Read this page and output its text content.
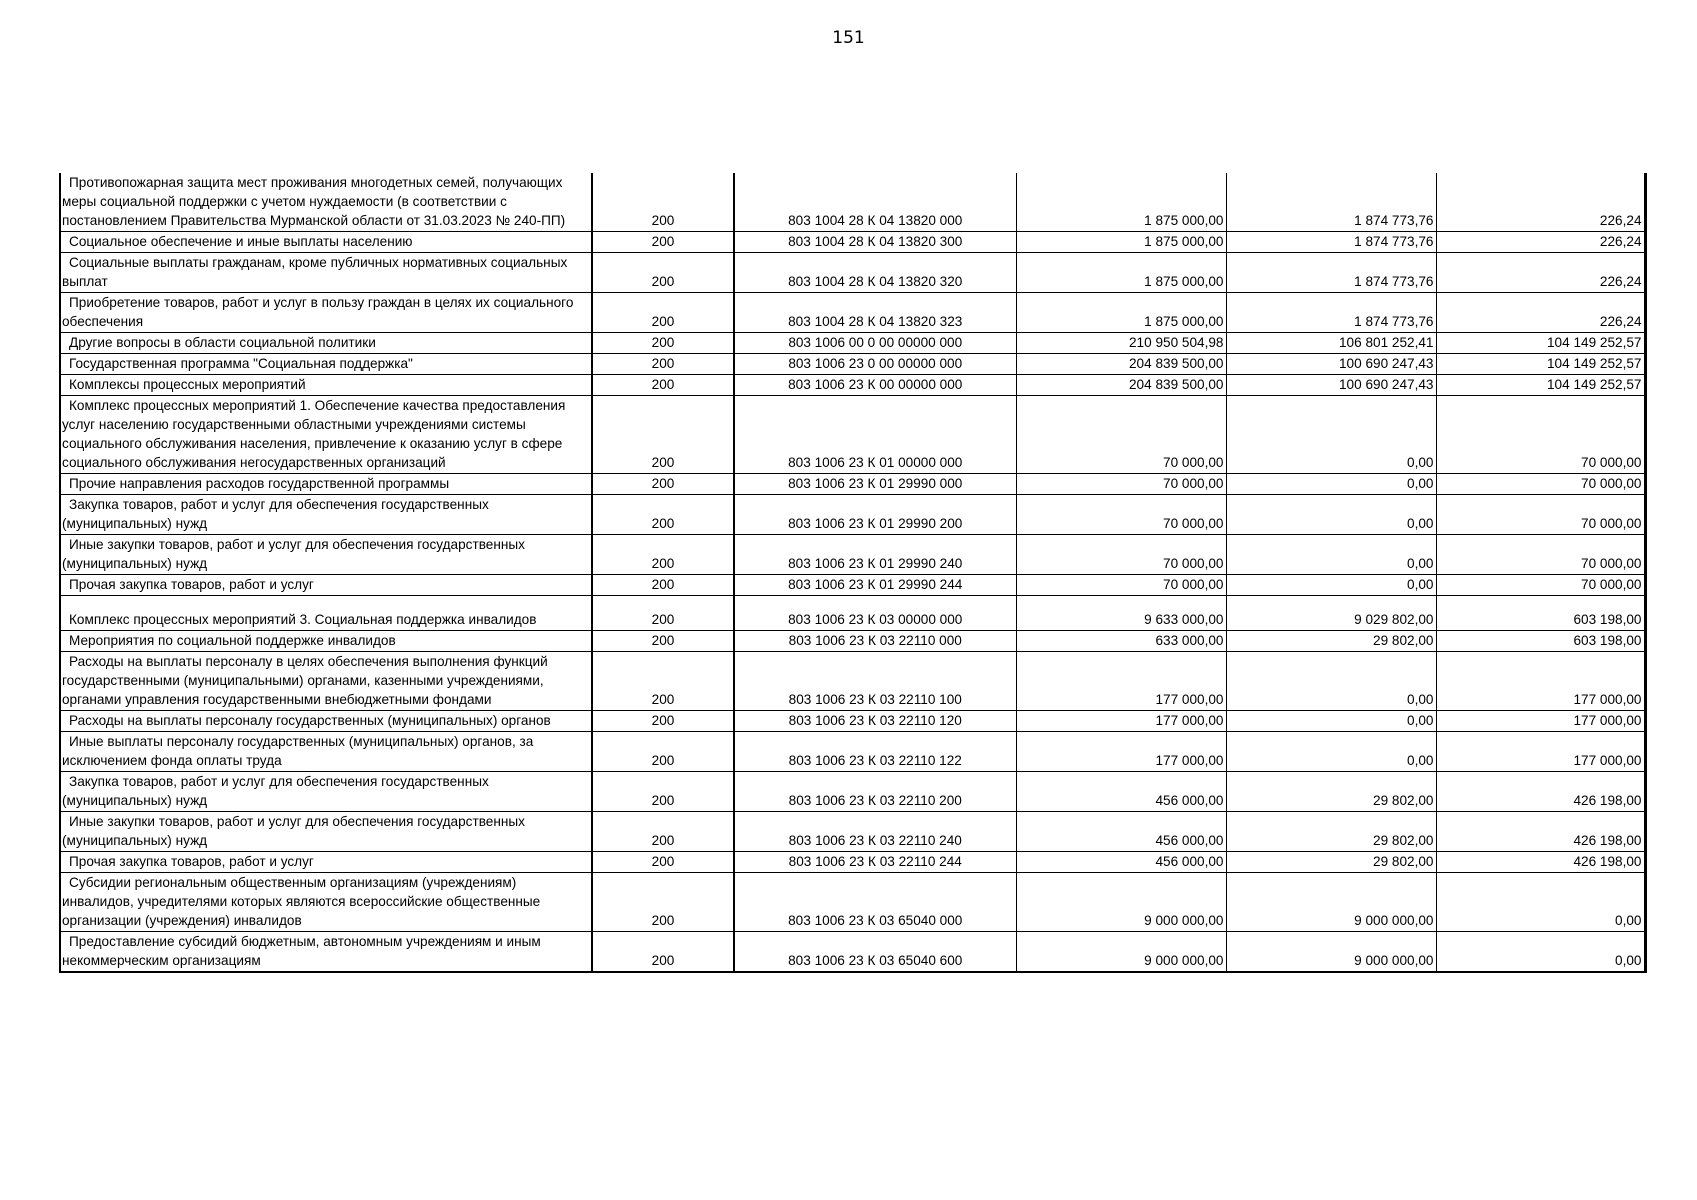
151
Противопожарная защита мест проживания многодетных семей, получающих меры социальной поддержки с учетом нуждаемости (в соответствии с постановлением Правительства Мурманской области от 31.03.2023 № 240-ПП)	200	803 1004 28 К 04 13820 000	1 875 000,00	1 874 773,76	226,24
Социальное обеспечение и иные выплаты населению	200	803 1004 28 К 04 13820 300	1 875 000,00	1 874 773,76	226,24
Социальные выплаты гражданам, кроме публичных нормативных социальных выплат	200	803 1004 28 К 04 13820 320	1 875 000,00	1 874 773,76	226,24
Приобретение товаров, работ и услуг в пользу граждан в целях их социального обеспечения	200	803 1004 28 К 04 13820 323	1 875 000,00	1 874 773,76	226,24
Другие вопросы в области социальной политики	200	803 1006 00 0 00 00000 000	210 950 504,98	106 801 252,41	104 149 252,57
Государственная программа "Социальная поддержка"	200	803 1006 23 0 00 00000 000	204 839 500,00	100 690 247,43	104 149 252,57
Комплексы процессных мероприятий	200	803 1006 23 К 00 00000 000	204 839 500,00	100 690 247,43	104 149 252,57
Комплекс процессных мероприятий 1. Обеспечение качества предоставления услуг населению государственными областными учреждениями системы социального обслуживания населения, привлечение к оказанию услуг в сфере социального обслуживания негосударственных организаций	200	803 1006 23 К 01 00000 000	70 000,00	0,00	70 000,00
Прочие направления расходов государственной программы	200	803 1006 23 К 01 29990 000	70 000,00	0,00	70 000,00
Закупка товаров, работ и услуг для обеспечения государственных (муниципальных) нужд	200	803 1006 23 К 01 29990 200	70 000,00	0,00	70 000,00
Иные закупки товаров, работ и услуг для обеспечения государственных (муниципальных) нужд	200	803 1006 23 К 01 29990 240	70 000,00	0,00	70 000,00
Прочая закупка товаров, работ и услуг	200	803 1006 23 К 01 29990 244	70 000,00	0,00	70 000,00
Комплекс процессных мероприятий 3. Социальная поддержка инвалидов	200	803 1006 23 К 03 00000 000	9 633 000,00	9 029 802,00	603 198,00
Мероприятия по социальной поддержке инвалидов	200	803 1006 23 К 03 22110 000	633 000,00	29 802,00	603 198,00
Расходы на выплаты персоналу в целях обеспечения выполнения функций государственными (муниципальными) органами, казенными учреждениями, органами управления государственными внебюджетными фондами	200	803 1006 23 К 03 22110 100	177 000,00	0,00	177 000,00
Расходы на выплаты персоналу государственных (муниципальных) органов	200	803 1006 23 К 03 22110 120	177 000,00	0,00	177 000,00
Иные выплаты персоналу государственных (муниципальных) органов, за исключением фонда оплаты труда	200	803 1006 23 К 03 22110 122	177 000,00	0,00	177 000,00
Закупка товаров, работ и услуг для обеспечения государственных (муниципальных) нужд	200	803 1006 23 К 03 22110 200	456 000,00	29 802,00	426 198,00
Иные закупки товаров, работ и услуг для обеспечения государственных (муниципальных) нужд	200	803 1006 23 К 03 22110 240	456 000,00	29 802,00	426 198,00
Прочая закупка товаров, работ и услуг	200	803 1006 23 К 03 22110 244	456 000,00	29 802,00	426 198,00
Субсидии региональным общественным организациям (учреждениям) инвалидов, учредителями которых являются всероссийские общественные организации (учреждения) инвалидов	200	803 1006 23 К 03 65040 000	9 000 000,00	9 000 000,00	0,00
Предоставление субсидий бюджетным, автономным учреждениям и иным некоммерческим организациям	200	803 1006 23 К 03 65040 600	9 000 000,00	9 000 000,00	0,00
